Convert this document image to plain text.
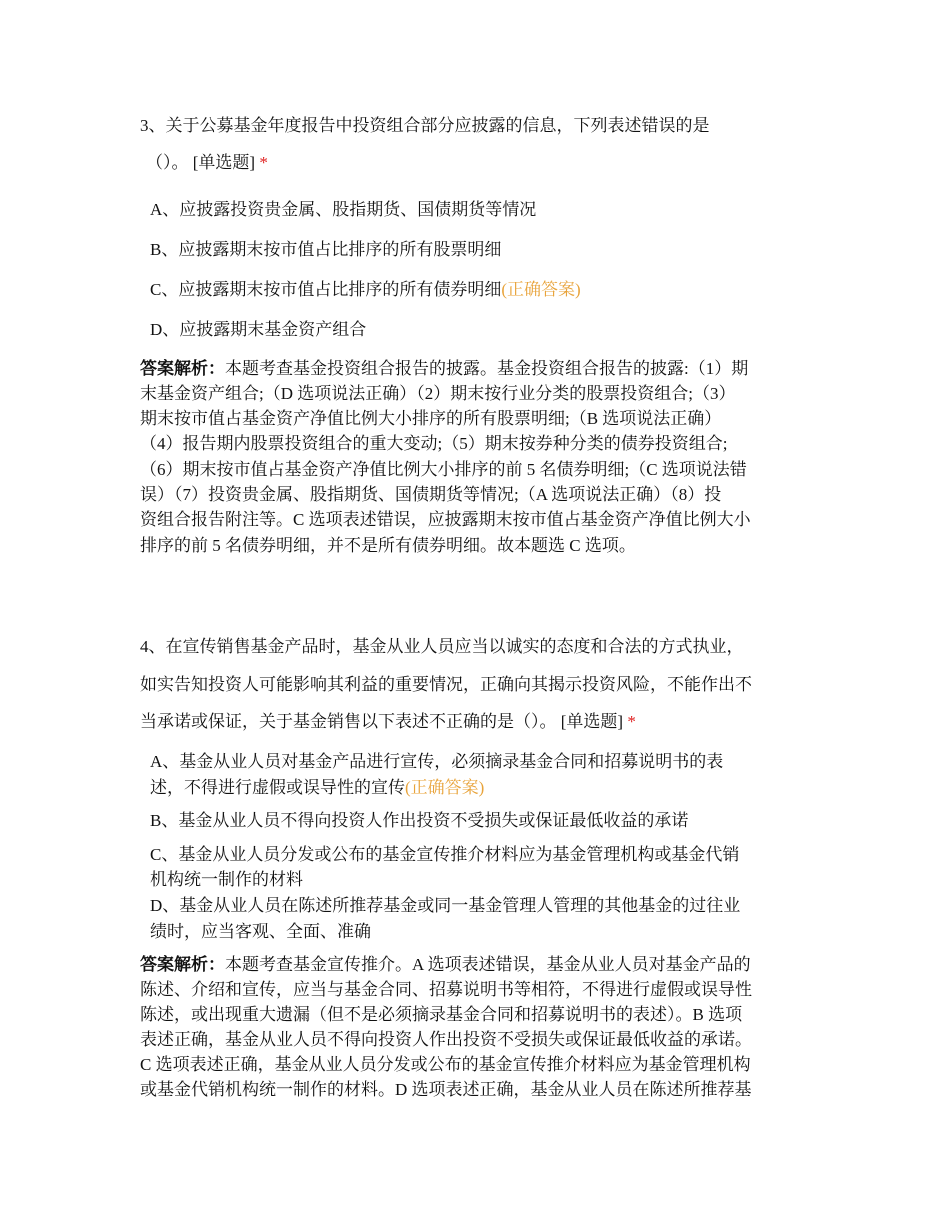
3、关于公募基金年度报告中投资组合部分应披露的信息，下列表述错误的是
（）。 [单选题] *
A、应披露投资贵金属、股指期货、国债期货等情况
B、应披露期末按市值占比排序的所有股票明细
C、应披露期末按市值占比排序的所有债券明细(正确答案)
D、应披露期末基金资产组合
答案解析：本题考查基金投资组合报告的披露。基金投资组合报告的披露:（1）期
末基金资产组合;（D 选项说法正确）（2）期末按行业分类的股票投资组合;（3）
期末按市值占基金资产净值比例大小排序的所有股票明细;（B 选项说法正确）
（4）报告期内股票投资组合的重大变动;（5）期末按券种分类的债券投资组合;
（6）期末按市值占基金资产净值比例大小排序的前 5 名债券明细;（C 选项说法错
误）（7）投资贵金属、股指期货、国债期货等情况;（A 选项说法正确）（8）投
资组合报告附注等。C 选项表述错误，应披露期末按市值占基金资产净值比例大小
排序的前 5 名债券明细，并不是所有债券明细。故本题选 C 选项。
4、在宣传销售基金产品时，基金从业人员应当以诚实的态度和合法的方式执业，
如实告知投资人可能影响其利益的重要情况，正确向其揭示投资风险，不能作出不
当承诺或保证，关于基金销售以下表述不正确的是（）。 [单选题] *
A、基金从业人员对基金产品进行宣传，必须摘录基金合同和招募说明书的表
述，不得进行虚假或误导性的宣传(正确答案)
B、基金从业人员不得向投资人作出投资不受损失或保证最低收益的承诺
C、基金从业人员分发或公布的基金宣传推介材料应为基金管理机构或基金代销
机构统一制作的材料
D、基金从业人员在陈述所推荐基金或同一基金管理人管理的其他基金的过往业
绩时，应当客观、全面、准确
答案解析：本题考查基金宣传推介。A 选项表述错误，基金从业人员对基金产品的
陈述、介绍和宣传，应当与基金合同、招募说明书等相符，不得进行虚假或误导性
陈述，或出现重大遗漏（但不是必须摘录基金合同和招募说明书的表述）。B 选项
表述正确，基金从业人员不得向投资人作出投资不受损失或保证最低收益的承诺。
C 选项表述正确，基金从业人员分发或公布的基金宣传推介材料应为基金管理机构
或基金代销机构统一制作的材料。D 选项表述正确，基金从业人员在陈述所推荐基
